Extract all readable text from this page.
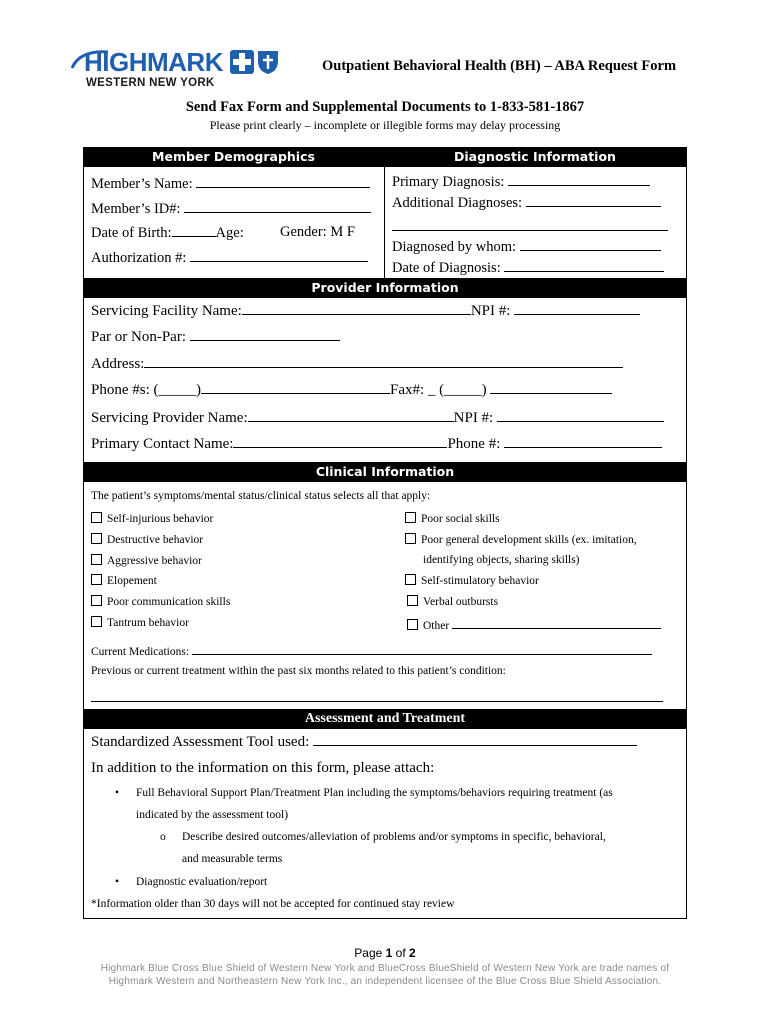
HIGHMARK
WESTERN NEW YORK
Outpatient Behavioral Health (BH) – ABA Request Form
Send Fax Form and Supplemental Documents to 1-833-581-1867
Please print clearly – incomplete or illegible forms may delay processing
Member Demographics	Diagnostic Information
Member’s Name:
Member’s ID#:
Date of Birth:	Age:	Gender: M F
Authorization #:
Primary Diagnosis:
Additional Diagnoses:
Diagnosed by whom:
Date of Diagnosis:
Provider Information
Servicing Facility Name:	NPI #:
Par or Non-Par:
Address:
Phone #s: (_____)	Fax#: _ (_____)
Servicing Provider Name:	NPI #:
Primary Contact Name:	Phone #:
Clinical Information
The patient’s symptoms/mental status/clinical status selects all that apply:
Self-injurious behavior
Destructive behavior
Aggressive behavior
Elopement
Poor communication skills
Tantrum behavior
Poor social skills
Poor general development skills (ex. imitation,
identifying objects, sharing skills)
Self-stimulatory behavior
Verbal outbursts
Other
Current Medications:
Previous or current treatment within the past six months related to this patient’s condition:
Assessment and Treatment
Standardized Assessment Tool used:
In addition to the information on this form, please attach:
• Full Behavioral Support Plan/Treatment Plan including the symptoms/behaviors requiring treatment (as
indicated by the assessment tool)
o Describe desired outcomes/alleviation of problems and/or symptoms in specific, behavioral,
and measurable terms
• Diagnostic evaluation/report
*Information older than 30 days will not be accepted for continued stay review
Page 1 of 2
Highmark Blue Cross Blue Shield of Western New York and BlueCross BlueShield of Western New York are trade names of
Highmark Western and Northeastern New York Inc., an independent licensee of the Blue Cross Blue Shield Association.
